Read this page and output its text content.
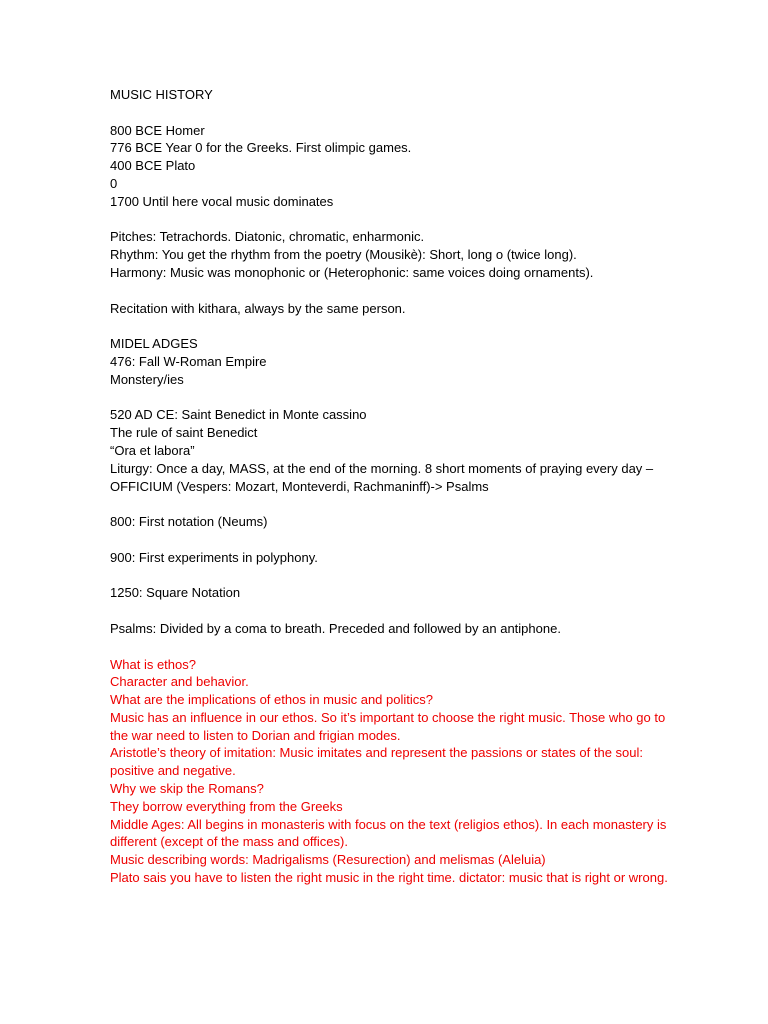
MUSIC HISTORY

800 BCE Homer

776 BCE Year 0 for the Greeks. First olimpic games.

400 BCE Plato

0

1700 Until here vocal music dominates

Pitches: Tetrachords. Diatonic, chromatic, enharmonic.

Rhythm: You get the rhythm from the poetry (Mousikè): Short, long o (twice long).

Harmony: Music was monophonic or (Heterophonic: same voices doing ornaments).

Recitation with kithara, always by the same person.

MIDEL ADGES

476: Fall W-Roman Empire

Monstery/ies

520 AD CE: Saint Benedict in Monte cassino

The rule of saint Benedict

“Ora et labora”

Liturgy: Once a day, MASS, at the end of the morning. 8 short moments of praying every day – OFFICIUM (Vespers: Mozart, Monteverdi, Rachmaninff)-> Psalms

800: First notation (Neums)

900: First experiments in polyphony.

1250: Square Notation

Psalms: Divided by a coma to breath. Preceded and followed by an antiphone.

What is ethos?

Character and behavior.

What are the implications of ethos in music and politics?

Music has an influence in our ethos. So it’s important to choose the right music. Those who go to the war need to listen to Dorian and frigian modes.

Aristotle’s theory of imitation: Music imitates and represent the passions or states of the soul: positive and negative.

Why we skip the Romans?

They borrow everything from the Greeks

Middle Ages: All begins in monasteris with focus on the text (religios ethos). In each monastery is different (except of the mass and offices).

Music describing words: Madrigalisms (Resurection) and melismas (Aleluia)

Plato sais you have to listen the right music in the right time. dictator: music that is right or wrong.
